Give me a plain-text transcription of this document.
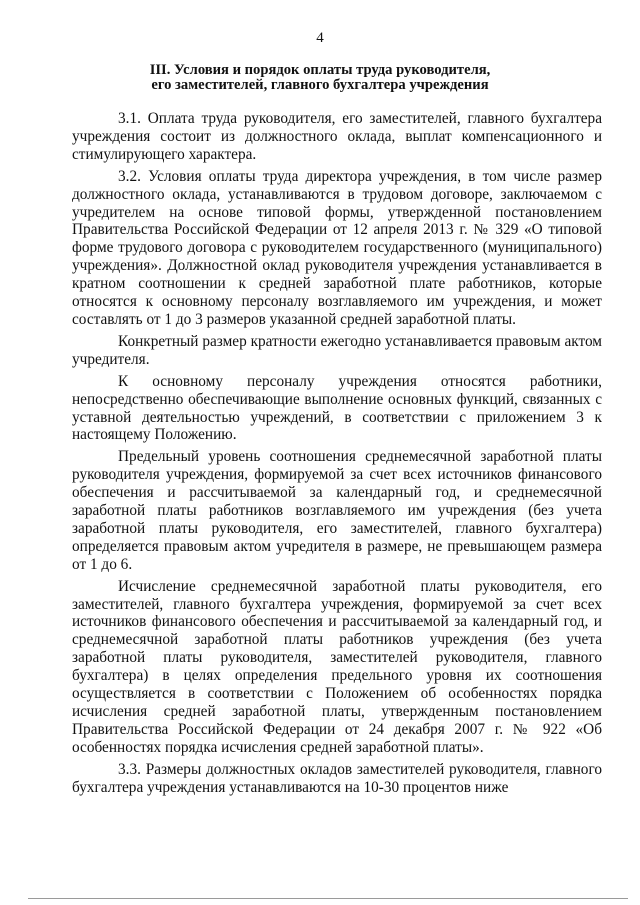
4
III. Условия и порядок оплаты труда руководителя,
его заместителей, главного бухгалтера учреждения

3.1. Оплата труда руководителя, его заместителей, главного бухгалтера учреждения состоит из должностного оклада, выплат компенсационного и стимулирующего характера.

3.2. Условия оплаты труда директора учреждения, в том числе размер должностного оклада, устанавливаются в трудовом договоре, заключаемом с учредителем на основе типовой формы, утвержденной постановлением Правительства Российской Федерации от 12 апреля 2013 г. № 329 «О типовой форме трудового договора с руководителем государственного (муниципального) учреждения». Должностной оклад руководителя учреждения устанавливается в кратном соотношении к средней заработной плате работников, которые относятся к основному персоналу возглавляемого им учреждения, и может составлять от 1 до 3 размеров указанной средней заработной платы.

Конкретный размер кратности ежегодно устанавливается правовым актом учредителя.

К основному персоналу учреждения относятся работники, непосредственно обеспечивающие выполнение основных функций, связанных с уставной деятельностью учреждений, в соответствии с приложением 3 к настоящему Положению.

Предельный уровень соотношения среднемесячной заработной платы руководителя учреждения, формируемой за счет всех источников финансового обеспечения и рассчитываемой за календарный год, и среднемесячной заработной платы работников возглавляемого им учреждения (без учета заработной платы руководителя, его заместителей, главного бухгалтера) определяется правовым актом учредителя в размере, не превышающем размера от 1 до 6.

Исчисление среднемесячной заработной платы руководителя, его заместителей, главного бухгалтера учреждения, формируемой за счет всех источников финансового обеспечения и рассчитываемой за календарный год, и среднемесячной заработной платы работников учреждения (без учета заработной платы руководителя, заместителей руководителя, главного бухгалтера) в целях определения предельного уровня их соотношения осуществляется в соответствии с Положением об особенностях порядка исчисления средней заработной платы, утвержденным постановлением Правительства Российской Федерации от 24 декабря 2007 г. № 922 «Об особенностях порядка исчисления средней заработной платы».

3.3. Размеры должностных окладов заместителей руководителя, главного бухгалтера учреждения устанавливаются на 10-30 процентов ниже
